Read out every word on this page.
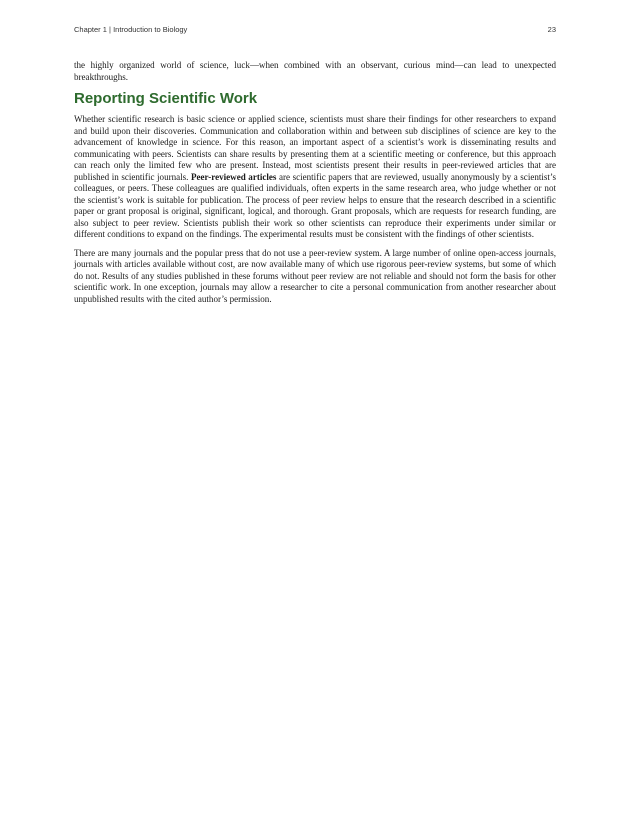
Chapter 1 | Introduction to Biology	23

the highly organized world of science, luck—when combined with an observant, curious mind—can lead to unexpected breakthroughs.

Reporting Scientific Work

Whether scientific research is basic science or applied science, scientists must share their findings for other researchers to expand and build upon their discoveries. Communication and collaboration within and between sub disciplines of science are key to the advancement of knowledge in science. For this reason, an important aspect of a scientist’s work is disseminating results and communicating with peers. Scientists can share results by presenting them at a scientific meeting or conference, but this approach can reach only the limited few who are present. Instead, most scientists present their results in peer-reviewed articles that are published in scientific journals. Peer-reviewed articles are scientific papers that are reviewed, usually anonymously by a scientist’s colleagues, or peers. These colleagues are qualified individuals, often experts in the same research area, who judge whether or not the scientist’s work is suitable for publication. The process of peer review helps to ensure that the research described in a scientific paper or grant proposal is original, significant, logical, and thorough. Grant proposals, which are requests for research funding, are also subject to peer review. Scientists publish their work so other scientists can reproduce their experiments under similar or different conditions to expand on the findings. The experimental results must be consistent with the findings of other scientists.

There are many journals and the popular press that do not use a peer-review system. A large number of online open-access journals, journals with articles available without cost, are now available many of which use rigorous peer-review systems, but some of which do not. Results of any studies published in these forums without peer review are not reliable and should not form the basis for other scientific work. In one exception, journals may allow a researcher to cite a personal communication from another researcher about unpublished results with the cited author’s permission.
